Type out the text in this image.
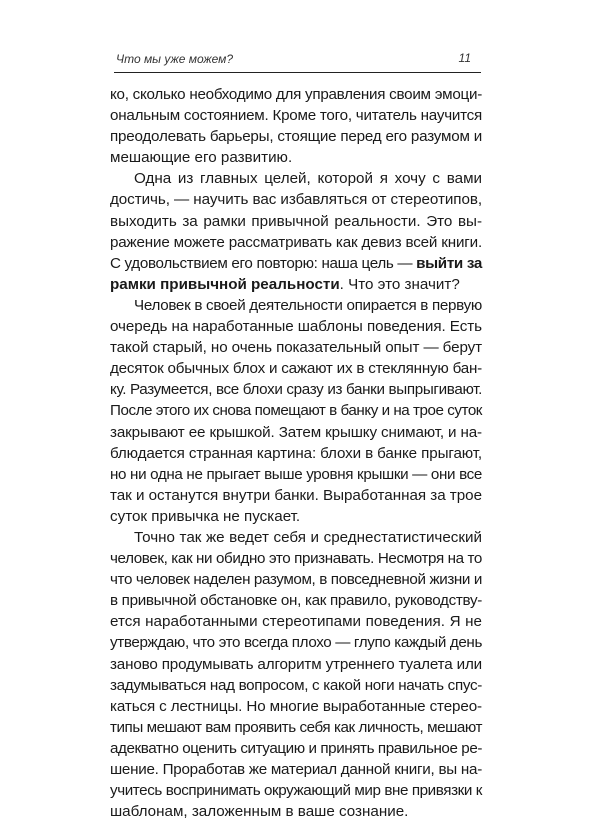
Что мы уже можем?	11

ко, сколько необходимо для управления своим эмоци-
ональным состоянием. Кроме того, читатель научится
преодолевать барьеры, стоящие перед его разумом и
мешающие его развитию.

Одна из главных целей, которой я хочу с вами
достичь, — научить вас избавляться от стереотипов,
выходить за рамки привычной реальности. Это вы-
ражение можете рассматривать как девиз всей книги.
С удовольствием его повторю: наша цель — выйти за
рамки привычной реальности. Что это значит?

Человек в своей деятельности опирается в первую
очередь на наработанные шаблоны поведения. Есть
такой старый, но очень показательный опыт — берут
десяток обычных блох и сажают их в стеклянную бан-
ку. Разумеется, все блохи сразу из банки выпрыгивают.
После этого их снова помещают в банку и на трое суток
закрывают ее крышкой. Затем крышку снимают, и на-
блюдается странная картина: блохи в банке прыгают,
но ни одна не прыгает выше уровня крышки — они все
так и останутся внутри банки. Выработанная за трое
суток привычка не пускает.

Точно так же ведет себя и среднестатистический
человек, как ни обидно это признавать. Несмотря на то
что человек наделен разумом, в повседневной жизни и
в привычной обстановке он, как правило, руководству-
ется наработанными стереотипами поведения. Я не
утверждаю, что это всегда плохо — глупо каждый день
заново продумывать алгоритм утреннего туалета или
задумываться над вопросом, с какой ноги начать спус-
каться с лестницы. Но многие выработанные стерео-
типы мешают вам проявить себя как личность, мешают
адекватно оценить ситуацию и принять правильное ре-
шение. Проработав же материал данной книги, вы на-
учитесь воспринимать окружающий мир вне привязки к
шаблонам, заложенным в ваше сознание.
